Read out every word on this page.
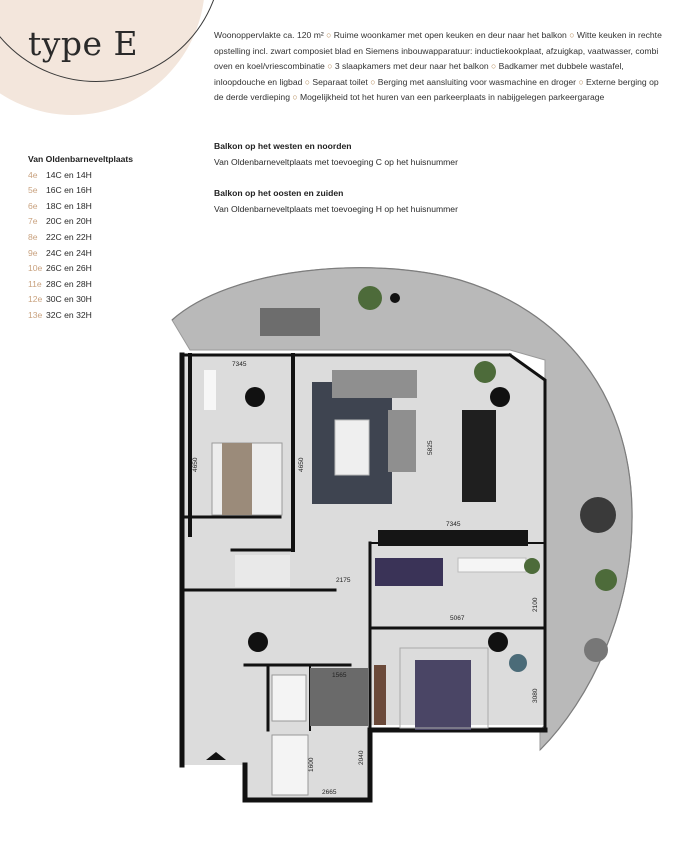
type E	Woonoppervlakte ca. 120 m² ○ Ruime woonkamer met open keuken en deur naar het balkon ○ Witte keuken in rechte opstelling incl. zwart composiet blad en Siemens inbouwapparatuur: inductiekookplaat, afzuigkap, vaatwasser, combi oven en koel/vriescombinatie ○ 3 slaapkamers met deur naar het balkon ○ Badkamer met dubbele wastafel, inloopdouche en ligbad ○ Separaat toilet ○ Berging met aansluiting voor wasmachine en droger ○ Externe berging op de derde verdieping ○ Mogelijkheid tot het huren van een parkeerplaats in nabijgelegen parkeergarage
Balkon op het westen en noorden
Van Oldenbarneveltplaats met toevoeging C op het huisnummer
Balkon op het oosten en zuiden
Van Oldenbarneveltplaats met toevoeging H op het huisnummer
Van Oldenbarneveltplaats
4e 14C en 14H
5e 16C en 16H
6e 18C en 18H
7e 20C en 20H
8e 22C en 22H
9e 24C en 24H
10e 26C en 26H
11e 28C en 28H
12e 30C en 30H
13e 32C en 32H
7345
4650	4650
5825
7345
2175
2100
5067
1565
3080
2665
2040
1600
